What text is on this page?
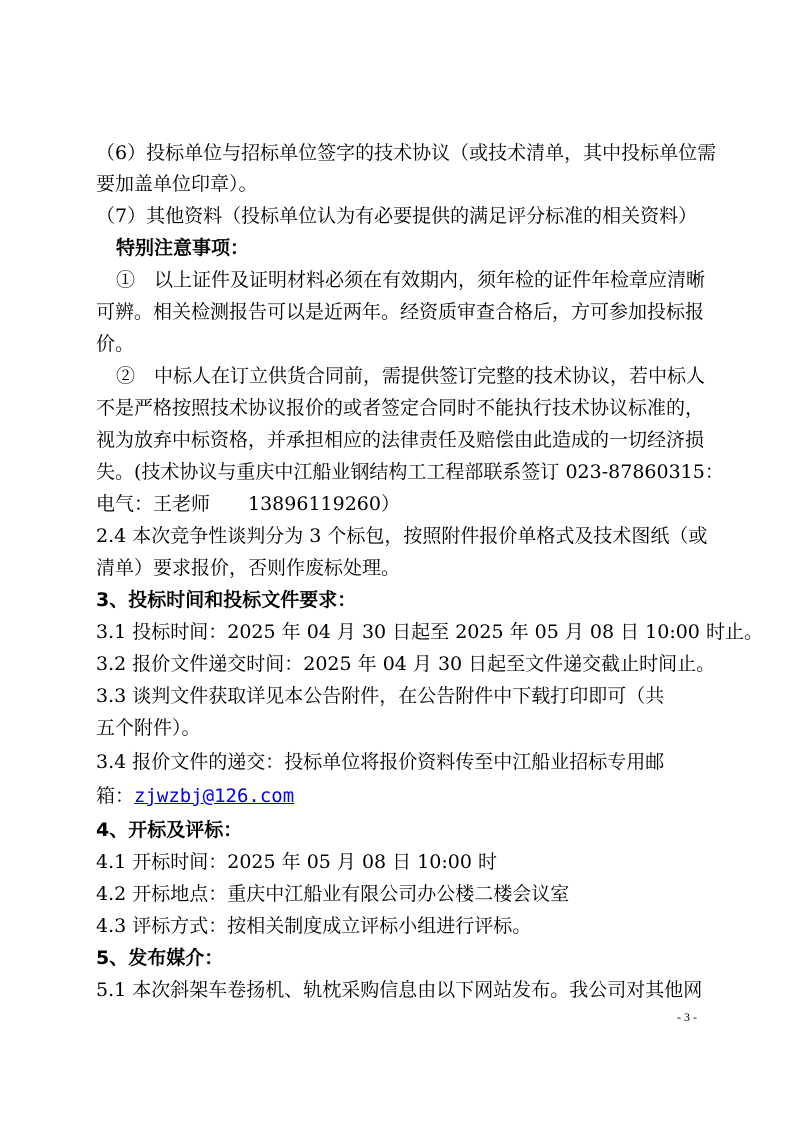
（6）投标单位与招标单位签字的技术协议（或技术清单，其中投标单位需
要加盖单位印章）。
（7）其他资料（投标单位认为有必要提供的满足评分标准的相关资料）
特别注意事项：
①　以上证件及证明材料必须在有效期内，须年检的证件年检章应清晰
可辨。相关检测报告可以是近两年。经资质审查合格后，方可参加投标报
价。
②　中标人在订立供货合同前，需提供签订完整的技术协议，若中标人
不是严格按照技术协议报价的或者签定合同时不能执行技术协议标准的，
视为放弃中标资格，并承担相应的法律责任及赔偿由此造成的一切经济损
失。(技术协议与重庆中江船业钢结构工工程部联系签订 023-87860315：
电气：王老师　　13896119260）
2.4 本次竞争性谈判分为 3 个标包，按照附件报价单格式及技术图纸（或
清单）要求报价，否则作废标处理。
3、投标时间和投标文件要求：
3.1 投标时间：2025 年 04 月 30 日起至 2025 年 05 月 08 日 10:00 时止。
3.2 报价文件递交时间：2025 年 04 月 30 日起至文件递交截止时间止。
3.3 谈判文件获取详见本公告附件，在公告附件中下载打印即可（共
五个附件）。
3.4 报价文件的递交：投标单位将报价资料传至中江船业招标专用邮
箱：zjwzbj@126.com
4、开标及评标：
4.1 开标时间：2025 年 05 月 08 日 10:00 时
4.2 开标地点：重庆中江船业有限公司办公楼二楼会议室
4.3 评标方式：按相关制度成立评标小组进行评标。
5、发布媒介：
5.1 本次斜架车卷扬机、轨枕采购信息由以下网站发布。我公司对其他网
- 3 -
